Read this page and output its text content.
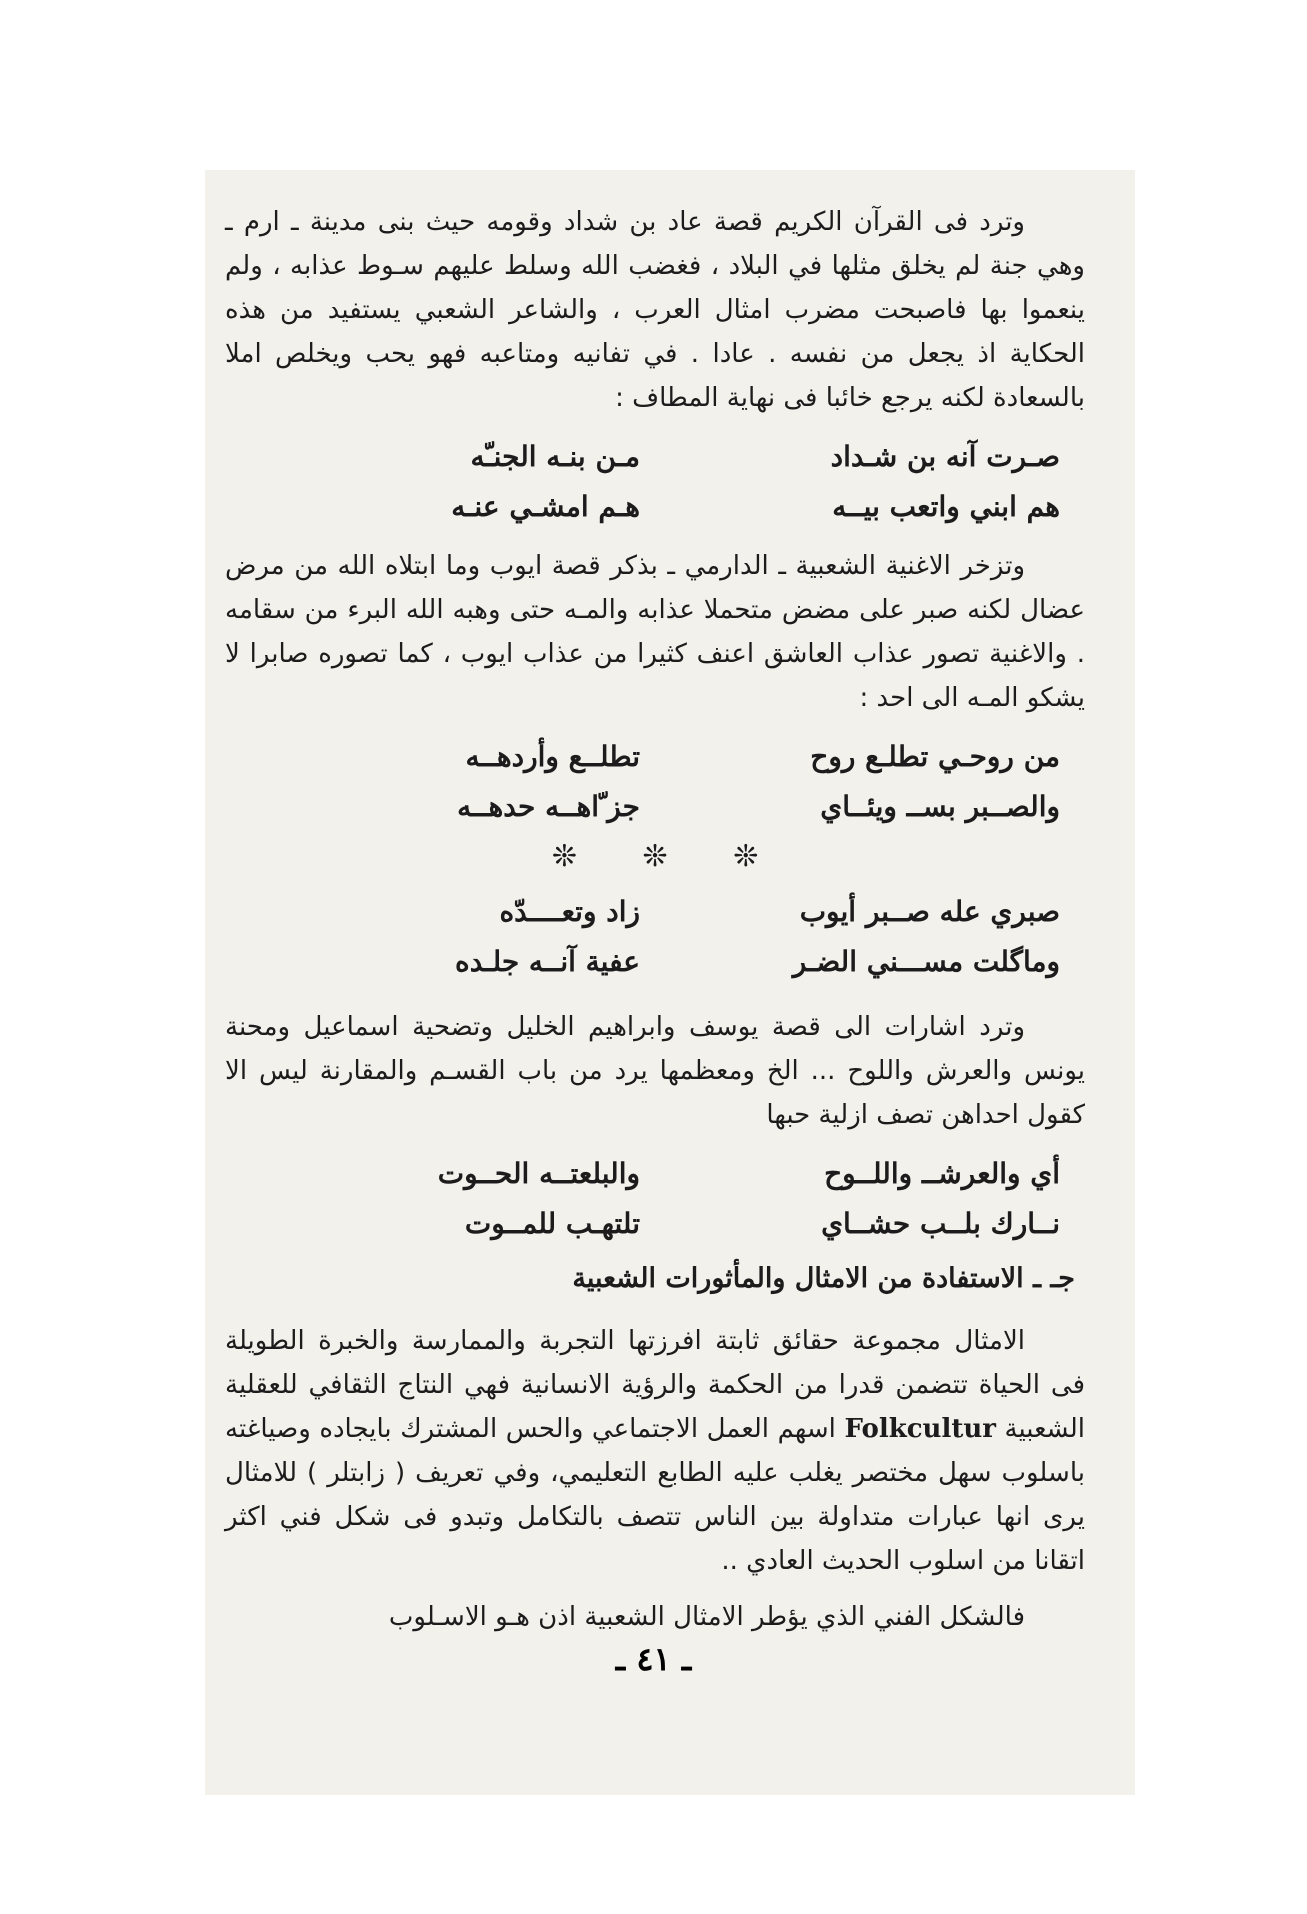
وترد فى القرآن الكريم قصة عاد بن شداد وقومه حيث بنى مدينة ـ ارم ـ وهي جنة لم يخلق مثلها في البلاد ، فغضب الله وسلط عليهم سـوط عذابه ، ولم ينعموا بها فاصبحت مضرب امثال العرب ، والشاعر الشعبي يستفيد من هذه الحكاية اذ يجعل من نفسه . عادا . في تفانيه ومتاعبه فهو يحب ويخلص املا بالسعادة لكنه يرجع خائبا فى نهاية المطاف :

صـرت آنه بن شـداد
مـن بنـه الجنـّه
هم ابني واتعب بيــه
هـم امشـي عنـه

وتزخر الاغنية الشعبية ـ الدارمي ـ بذكر قصة ايوب وما ابتلاه الله من مرض عضال لكنه صبر على مضض متحملا عذابه والمـه حتى وهبه الله البرء من سقامه . والاغنية تصور عذاب العاشق اعنف كثيرا من عذاب ايوب ، كما تصوره صابرا لا يشكو المـه الى احد :

من روحـي تطلـع روح
تطلــع وأردهــه
والصــبر بســ ويئــاي
جز ّاهــه حدهــه
❊ ❊ ❊
صبري عله صــبر أيوب
زاد وتعــــدّه
وماگلت مســـني الضـر
عفية آنــه جلـده

وترد اشارات الى قصة يوسف وابراهيم الخليل وتضحية اسماعيل ومحنة يونس والعرش واللوح ... الخ ومعظمها يرد من باب القسـم والمقارنة ليس الا كقول احداهن تصف ازلية حبها

أي والعرشــ واللــوح
والبلعتــه الحــوت
نــارك بلــب حشــاي
تلتهـب للمــوت
جـ ـ الاستفادة من الامثال والمأثورات الشعبية

الامثال مجموعة حقائق ثابتة افرزتها التجربة والممارسة والخبرة الطويلة فى الحياة تتضمن قدرا من الحكمة والرؤية الانسانية فهي النتاج الثقافي للعقلية الشعبية Folkcultur اسهم العمل الاجتماعي والحس المشترك بايجاده وصياغته باسلوب سهل مختصر يغلب عليه الطابع التعليمي، وفي تعريف ( زابتلر ) للامثال يرى انها عبارات متداولة بين الناس تتصف بالتكامل وتبدو فى شكل فني اكثر اتقانا من اسلوب الحديث العادي ..

فالشكل الفني الذي يؤطر الامثال الشعبية اذن هـو الاسـلوب

ـ ٤١ ـ
